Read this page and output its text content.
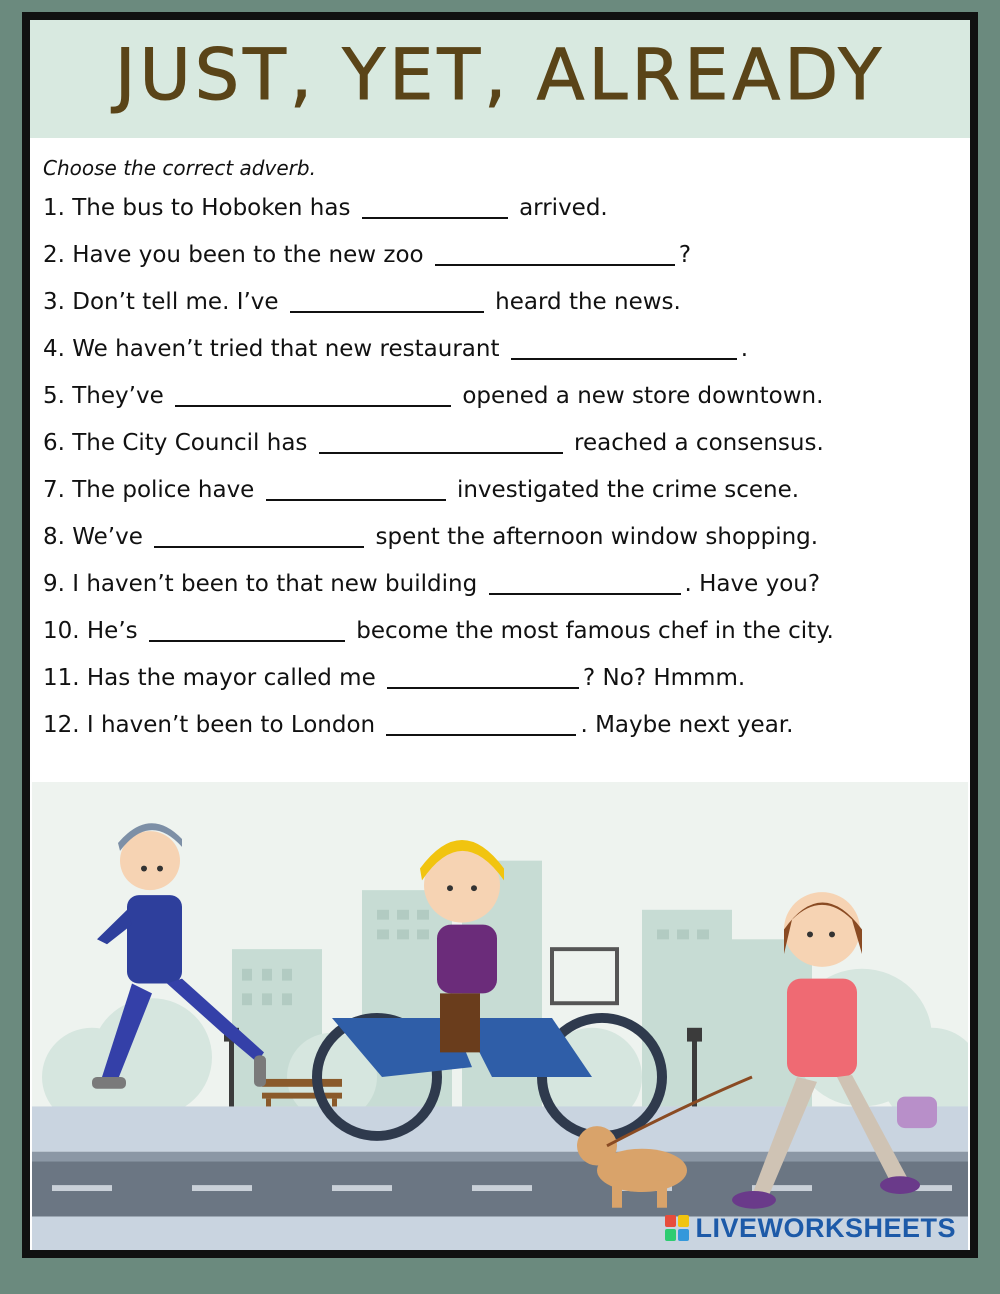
JUST, YET, ALREADY
Choose the correct adverb.
1. The bus to Hoboken has	arrived.
2. Have you been to the new zoo	?
3. Don’t tell me. I’ve	heard the news.
4. We haven’t tried that new restaurant	.
5. They’ve	opened a new store downtown.
6. The City Council has	reached a consensus.
7. The police have	investigated the crime scene.
8. We’ve	spent the afternoon window shopping.
9. I haven’t been to that new building	. Have you?
10. He’s	become the most famous chef in the city.
11. Has the mayor called me	? No? Hmmm.
12. I haven’t been to London	. Maybe next year.
LIVEWORKSHEETS
